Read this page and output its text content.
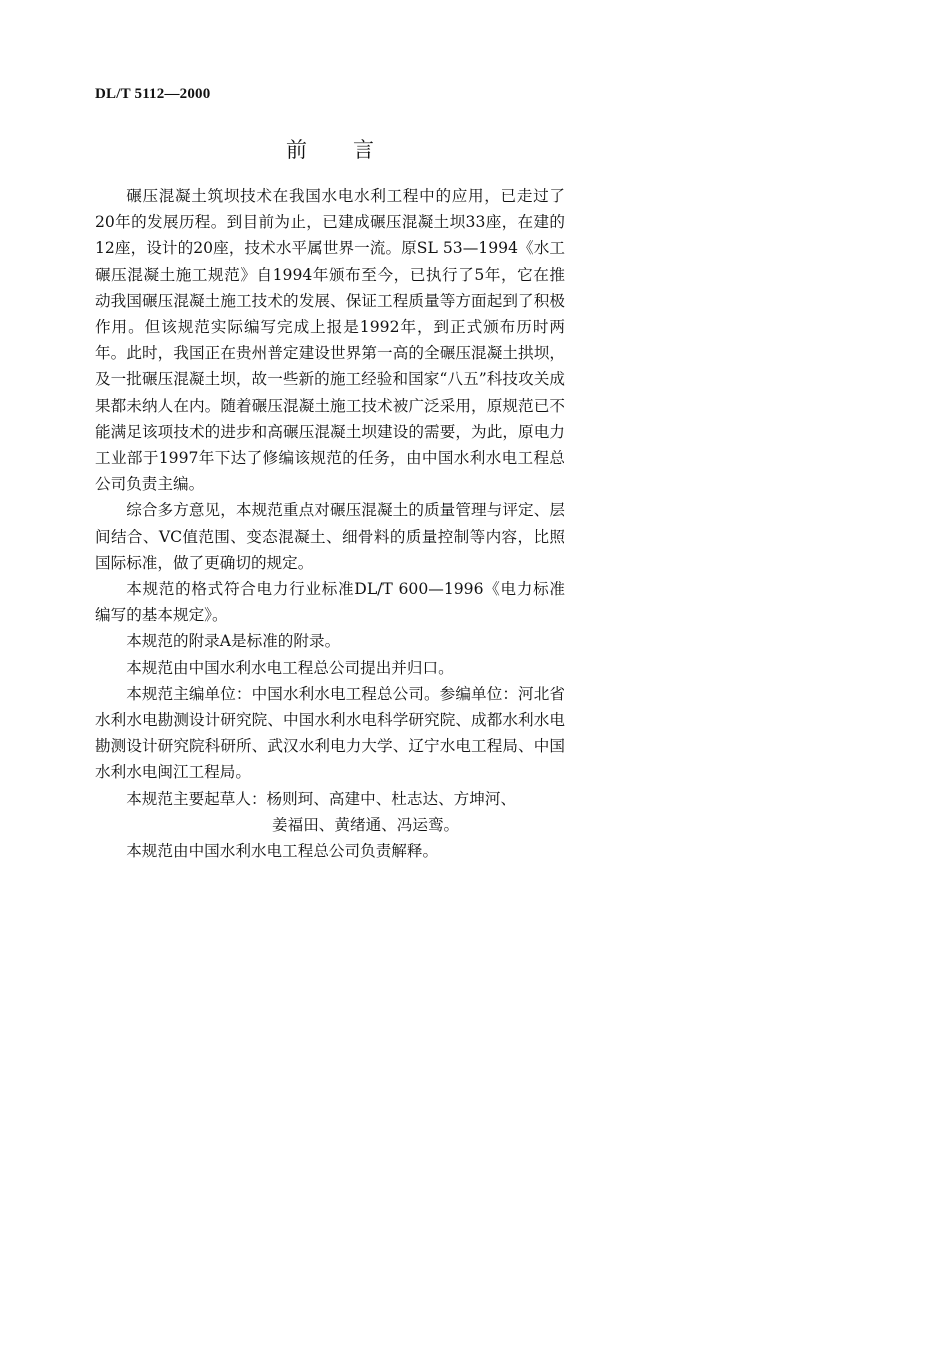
DL/T 5112—2000
前 言

碾压混凝土筑坝技术在我国水电水利工程中的应用，已走过了20年的发展历程。到目前为止，已建成碾压混凝土坝33座，在建的12座，设计的20座，技术水平属世界一流。原SL 53—1994《水工碾压混凝土施工规范》自1994年颁布至今，已执行了5年，它在推动我国碾压混凝土施工技术的发展、保证工程质量等方面起到了积极作用。但该规范实际编写完成上报是1992年，到正式颁布历时两年。此时，我国正在贵州普定建设世界第一高的全碾压混凝土拱坝，及一批碾压混凝土坝，故一些新的施工经验和国家“八五”科技攻关成果都未纳人在内。随着碾压混凝土施工技术被广泛采用，原规范已不能满足该项技术的进步和高碾压混凝土坝建设的需要，为此，原电力工业部于1997年下达了修编该规范的任务，由中国水利水电工程总公司负责主编。

综合多方意见，本规范重点对碾压混凝土的质量管理与评定、层间结合、VC值范围、变态混凝土、细骨料的质量控制等内容，比照国际标准，做了更确切的规定。

本规范的格式符合电力行业标准DL/T 600—1996《电力标准编写的基本规定》。

本规范的附录A是标准的附录。

本规范由中国水利水电工程总公司提出并归口。

本规范主编单位：中国水利水电工程总公司。参编单位：河北省水利水电勘测设计研究院、中国水利水电科学研究院、成都水利水电勘测设计研究院科研所、武汉水利电力大学、辽宁水电工程局、中国水利水电闽江工程局。

本规范主要起草人：杨则珂、高建中、杜志达、方坤河、

姜福田、黄绪通、冯运鸾。

本规范由中国水利水电工程总公司负责解释。
